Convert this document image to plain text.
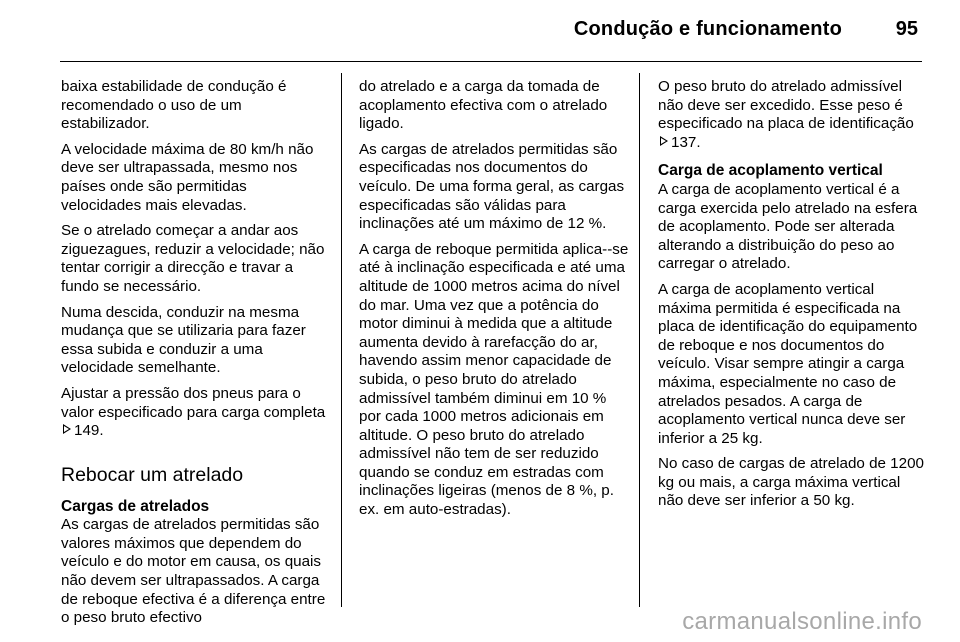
Condução e funcionamento	95

baixa estabilidade de condução é recomendado o uso de um estabilizador.

A velocidade máxima de 80 km/h não deve ser ultrapassada, mesmo nos países onde são permitidas velocidades mais elevadas.

Se o atrelado começar a andar aos ziguezagues, reduzir a velocidade; não tentar corrigir a direcção e travar a fundo se necessário.

Numa descida, conduzir na mesma mudança que se utilizaria para fazer essa subida e conduzir a uma velocidade semelhante.

Ajustar a pressão dos pneus para o valor especificado para carga completa 149.

Rebocar um atrelado
Cargas de atrelados

As cargas de atrelados permitidas são valores máximos que dependem do veículo e do motor em causa, os quais não devem ser ultrapassados. A carga de reboque efectiva é a diferença entre o peso bruto efectivo

do atrelado e a carga da tomada de acoplamento efectiva com o atrelado ligado.

As cargas de atrelados permitidas são especificadas nos documentos do veículo. De uma forma geral, as cargas especificadas são válidas para inclinações até um máximo de 12 %.

A carga de reboque permitida aplica--se até à inclinação especificada e até uma altitude de 1000 metros acima do nível do mar. Uma vez que a potência do motor diminui à medida que a altitude aumenta devido à rarefacção do ar, havendo assim menor capacidade de subida, o peso bruto do atrelado admissível também diminui em 10 % por cada 1000 metros adicionais em altitude. O peso bruto do atrelado admissível não tem de ser reduzido quando se conduz em estradas com inclinações ligeiras (menos de 8 %, p. ex. em auto-estradas).

O peso bruto do atrelado admissível não deve ser excedido. Esse peso é especificado na placa de identificação 137.

Carga de acoplamento vertical

A carga de acoplamento vertical é a carga exercida pelo atrelado na esfera de acoplamento. Pode ser alterada alterando a distribuição do peso ao carregar o atrelado.

A carga de acoplamento vertical máxima permitida é especificada na placa de identificação do equipamento de reboque e nos documentos do veículo. Visar sempre atingir a carga máxima, especialmente no caso de atrelados pesados. A carga de acoplamento vertical nunca deve ser inferior a 25 kg.

No caso de cargas de atrelado de 1200 kg ou mais, a carga máxima vertical não deve ser inferior a 50 kg.

carmanualsonline.info
